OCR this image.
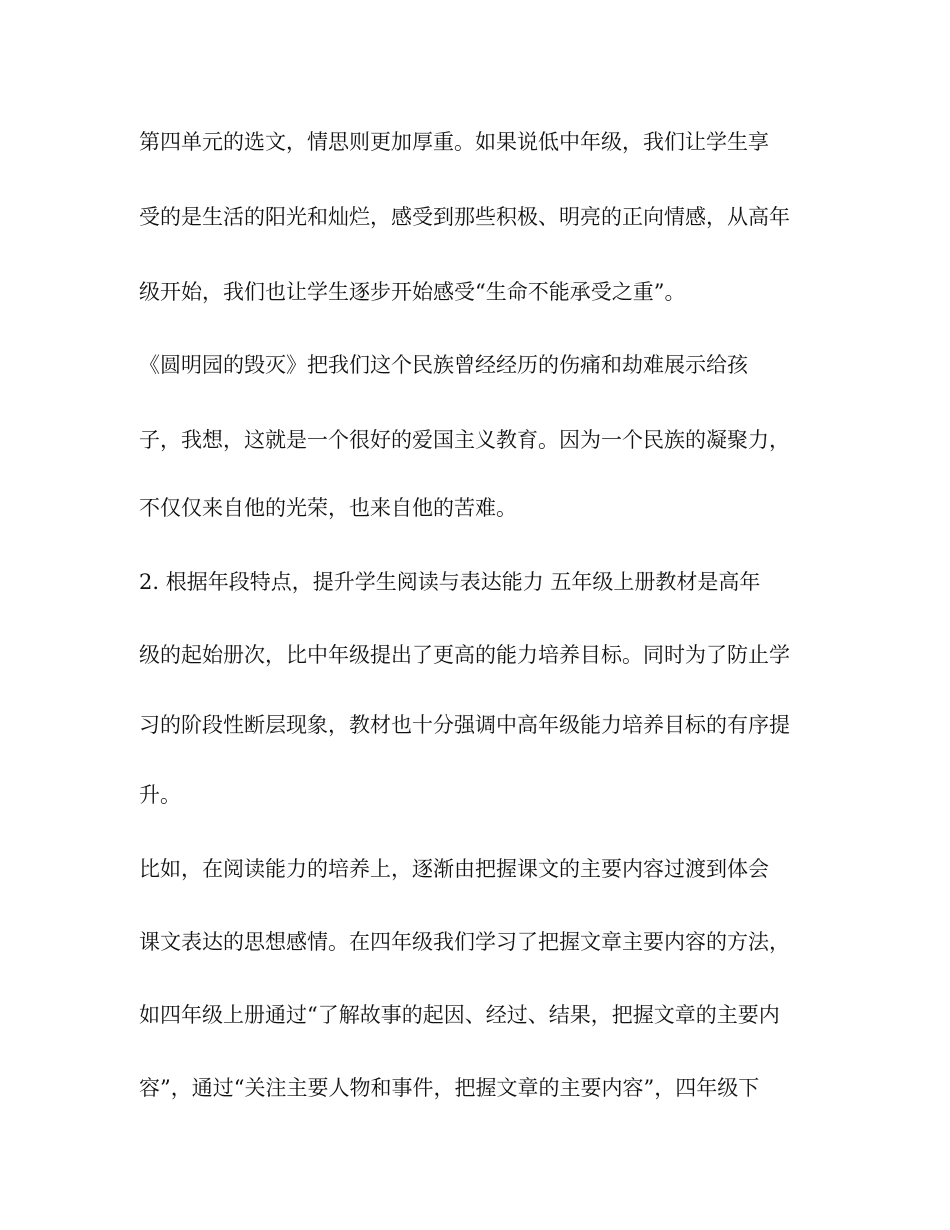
第四单元的选文，情思则更加厚重。如果说低中年级，我们让学生享
受的是生活的阳光和灿烂，感受到那些积极、明亮的正向情感，从高年
级开始，我们也让学生逐步开始感受“生命不能承受之重”。
《圆明园的毁灭》把我们这个民族曾经经历的伤痛和劫难展示给孩
子，我想，这就是一个很好的爱国主义教育。因为一个民族的凝聚力，
不仅仅来自他的光荣，也来自他的苦难。
2. 根据年段特点，提升学生阅读与表达能力 五年级上册教材是高年
级的起始册次，比中年级提出了更高的能力培养目标。同时为了防止学
习的阶段性断层现象，教材也十分强调中高年级能力培养目标的有序提
升。
比如，在阅读能力的培养上，逐渐由把握课文的主要内容过渡到体会
课文表达的思想感情。在四年级我们学习了把握文章主要内容的方法，
如四年级上册通过“了解故事的起因、经过、结果，把握文章的主要内
容”，通过“关注主要人物和事件，把握文章的主要内容”，四年级下
